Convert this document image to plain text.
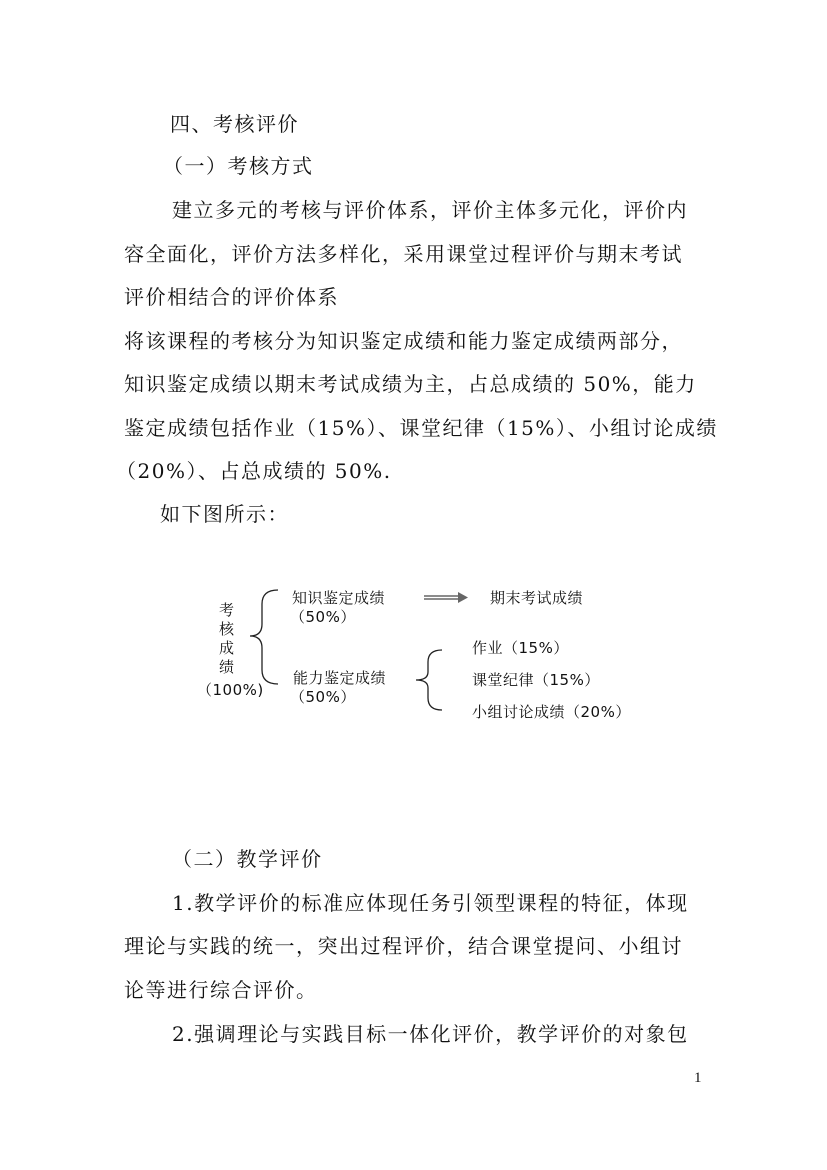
四、考核评价
（一）考核方式
建立多元的考核与评价体系，评价主体多元化，评价内
容全面化，评价方法多样化，采用课堂过程评价与期末考试
评价相结合的评价体系
将该课程的考核分为知识鉴定成绩和能力鉴定成绩两部分，
知识鉴定成绩以期末考试成绩为主，占总成绩的 50%，能力
鉴定成绩包括作业（15%）、课堂纪律（15%）、小组讨论成绩
（20%）、占总成绩的 50%.
如下图所示：
考
核
成
绩
（100%)
知识鉴定成绩
（50%）
期末考试成绩
能力鉴定成绩
（50%）
作业（15%）
课堂纪律（15%）
小组讨论成绩（20%）
（二）教学评价
1.教学评价的标准应体现任务引领型课程的特征，体现
理论与实践的统一，突出过程评价，结合课堂提问、小组讨
论等进行综合评价。
2.强调理论与实践目标一体化评价，教学评价的对象包
1
